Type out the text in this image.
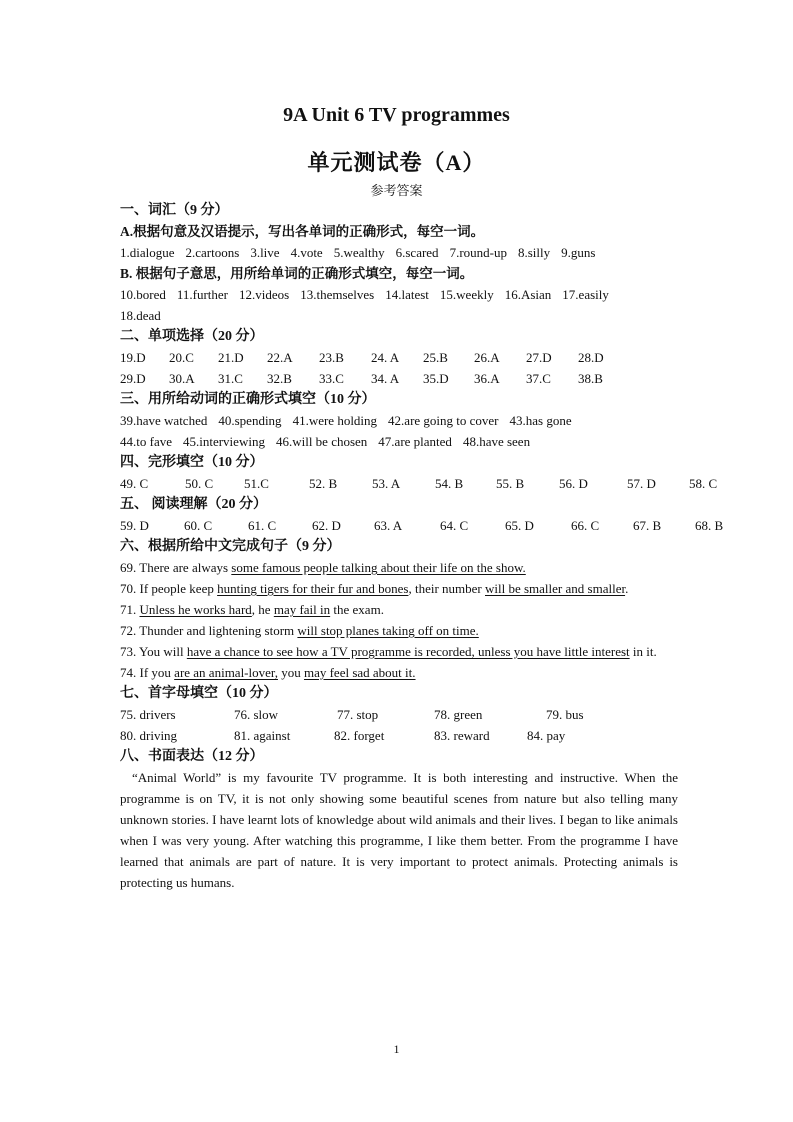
9A Unit 6 TV programmes
单元测试卷（A）
参考答案
一、词汇（9 分）
A.根据句意及汉语提示，写出各单词的正确形式，每空一词。
1.dialogue 2.cartoons 3.live 4.vote 5.wealthy 6.scared 7.round-up 8.silly 9.guns
B. 根据句子意思，用所给单词的正确形式填空，每空一词。
10.bored 11.further 12.videos 13.themselves 14.latest 15.weekly 16.Asian 17.easily
18.dead
二、单项选择（20 分）
19.D 20.C 21.D 22.A 23.B 24. A 25.B 26.A 27.D 28.D
29.D 30.A 31.C 32.B 33.C 34. A 35.D 36.A 37.C 38.B
三、用所给动词的正确形式填空（10 分）
39.have watched 40.spending 41.were holding 42.are going to cover 43.has gone
44.to fave 45.interviewing 46.will be chosen 47.are planted 48.have seen
四、完形填空（10 分）
49. C	50. C 51.C	52. B	53. A	54. B	55. B	56. D	57. D	58. C
五、 阅读理解（20 分）
59. D	60. C	61. C	62. D	63. A	64. C	65. D	66. C	67. B	68. B
六、根据所给中文完成句子（9 分）
69. There are always some famous people talking about their life on the show.
70. If people keep hunting tigers for their fur and bones, their number will be smaller and smaller.
71. Unless he works hard, he may fail in the exam.
72. Thunder and lightening storm will stop planes taking off on time.
73. You will have a chance to see how a TV programme is recorded, unless you have little interest in it.
74. If you are an animal-lover, you may feel sad about it.
七、首字母填空（10 分）
75. drivers	76. slow	77. stop	78. green	79. bus
80. driving	81. against	82. forget	83. reward	84. pay
八、书面表达（12 分）
“Animal World” is my favourite TV programme. It is both interesting and instructive. When the programme is on TV, it is not only showing some beautiful scenes from nature but also telling many unknown stories. I have learnt lots of knowledge about wild animals and their lives. I began to like animals when I was very young. After watching this programme, I like them better. From the programme I have learned that animals are part of nature. It is very important to protect animals. Protecting animals is protecting us humans.
1
